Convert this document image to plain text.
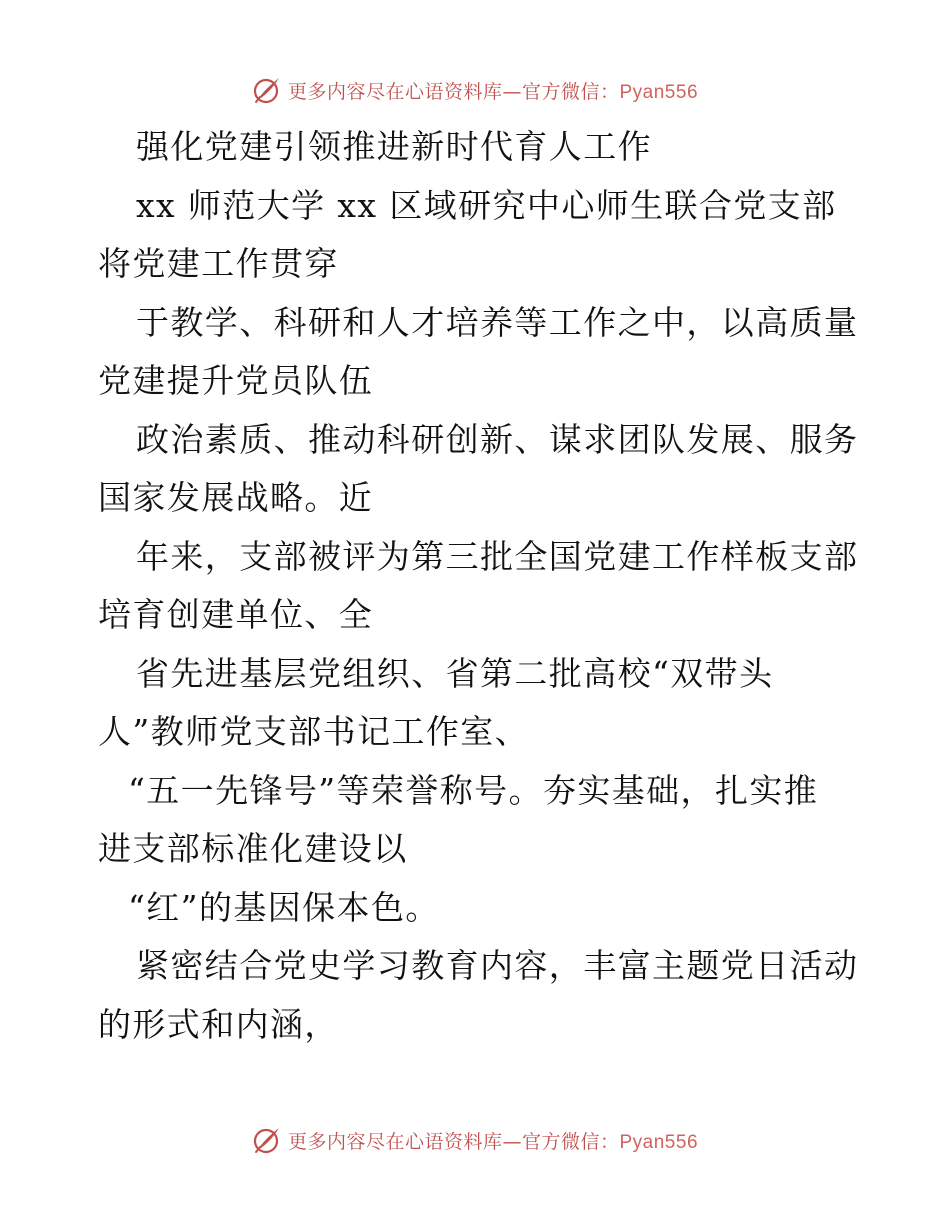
更多内容尽在心语资料库—官方微信：Pyan556
强化党建引领推进新时代育人工作
xx 师范大学 xx 区域研究中心师生联合党支部
将党建工作贯穿
于教学、科研和人才培养等工作之中，以高质量
党建提升党员队伍
政治素质、推动科研创新、谋求团队发展、服务
国家发展战略。近
年来，支部被评为第三批全国党建工作样板支部
培育创建单位、全
省先进基层党组织、省第二批高校“双带头
人”教师党支部书记工作室、
“五一先锋号”等荣誉称号。夯实基础，扎实推
进支部标准化建设以
“红”的基因保本色。
紧密结合党史学习教育内容，丰富主题党日活动
的形式和内涵，
更多内容尽在心语资料库—官方微信：Pyan556
